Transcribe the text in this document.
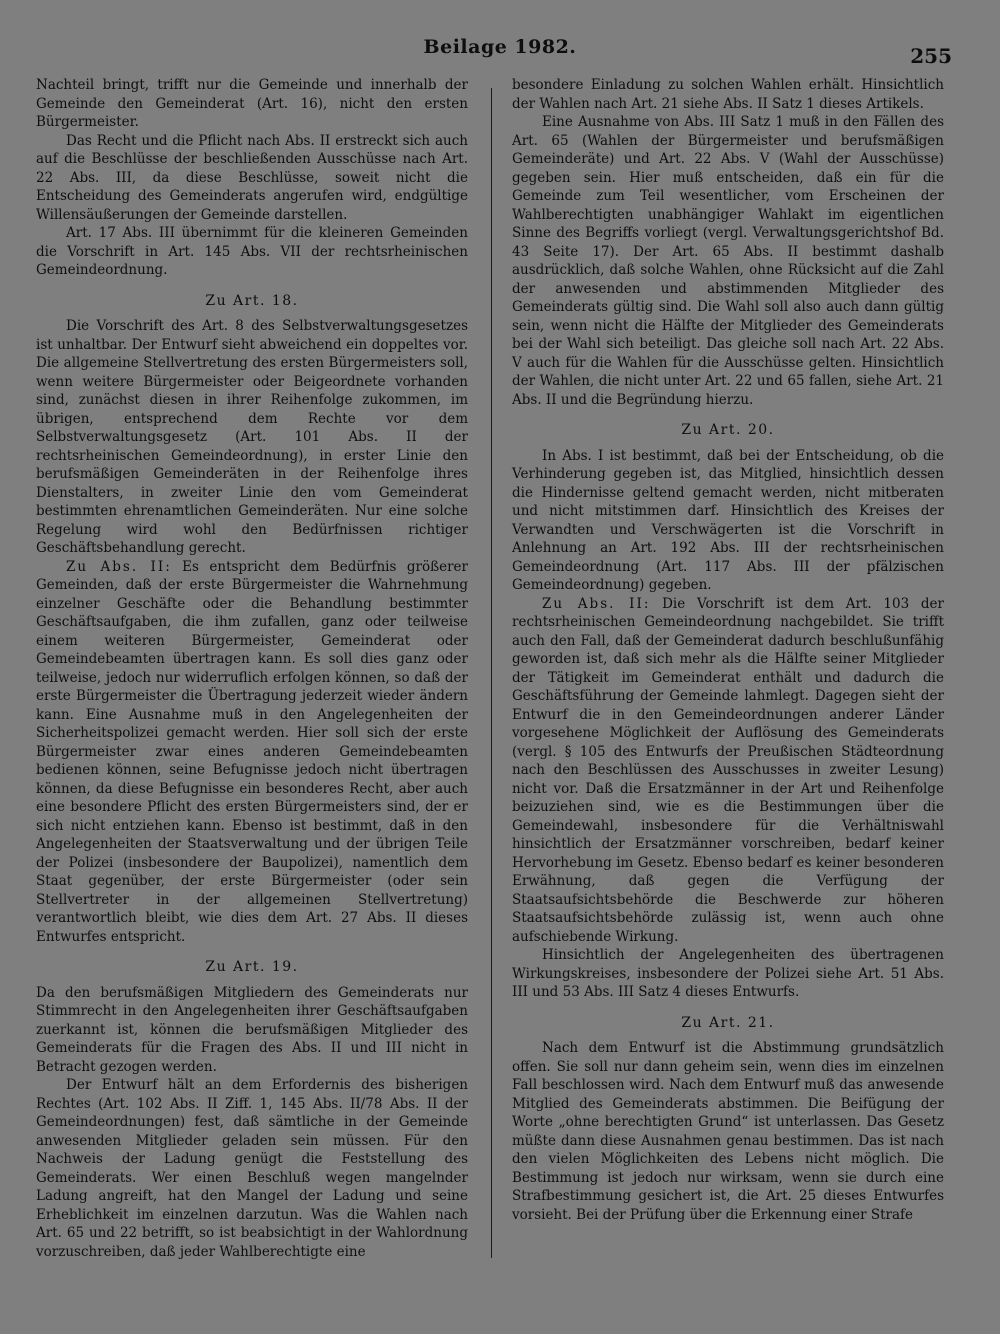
Beilage 1982.	255

Nachteil bringt, trifft nur die Gemeinde und innerhalb der Gemeinde den Gemeinderat (Art. 16), nicht den ersten Bürgermeister.

Das Recht und die Pflicht nach Abs. II erstreckt sich auch auf die Beschlüsse der beschließenden Ausschüsse nach Art. 22 Abs. III, da diese Beschlüsse, soweit nicht die Entscheidung des Gemeinderats angerufen wird, endgültige Willensäußerungen der Gemeinde darstellen.

Art. 17 Abs. III übernimmt für die kleineren Gemeinden die Vorschrift in Art. 145 Abs. VII der rechtsrheinischen Gemeindeordnung.

Zu Art. 18.

Die Vorschrift des Art. 8 des Selbstverwaltungsgesetzes ist unhaltbar. Der Entwurf sieht abweichend ein doppeltes vor. Die allgemeine Stellvertretung des ersten Bürgermeisters soll, wenn weitere Bürgermeister oder Beigeordnete vorhanden sind, zunächst diesen in ihrer Reihenfolge zukommen, im übrigen, entsprechend dem Rechte vor dem Selbstverwaltungsgesetz (Art. 101 Abs. II der rechtsrheinischen Gemeindeordnung), in erster Linie den berufsmäßigen Gemeinderäten in der Reihenfolge ihres Dienstalters, in zweiter Linie den vom Gemeinderat bestimmten ehrenamtlichen Gemeinderäten. Nur eine solche Regelung wird wohl den Bedürfnissen richtiger Geschäftsbehandlung gerecht.

Zu Abs. II: Es entspricht dem Bedürfnis größerer Gemeinden, daß der erste Bürgermeister die Wahrnehmung einzelner Geschäfte oder die Behandlung bestimmter Geschäftsaufgaben, die ihm zufallen, ganz oder teilweise einem weiteren Bürgermeister, Gemeinderat oder Gemeindebeamten übertragen kann. Es soll dies ganz oder teilweise, jedoch nur widerruflich erfolgen können, so daß der erste Bürgermeister die Übertragung jederzeit wieder ändern kann. Eine Ausnahme muß in den Angelegenheiten der Sicherheitspolizei gemacht werden. Hier soll sich der erste Bürgermeister zwar eines anderen Gemeindebeamten bedienen können, seine Befugnisse jedoch nicht übertragen können, da diese Befugnisse ein besonderes Recht, aber auch eine besondere Pflicht des ersten Bürgermeisters sind, der er sich nicht entziehen kann. Ebenso ist bestimmt, daß in den Angelegenheiten der Staatsverwaltung und der übrigen Teile der Polizei (insbesondere der Baupolizei), namentlich dem Staat gegenüber, der erste Bürgermeister (oder sein Stellvertreter in der allgemeinen Stellvertretung) verantwortlich bleibt, wie dies dem Art. 27 Abs. II dieses Entwurfes entspricht.

Zu Art. 19.

Da den berufsmäßigen Mitgliedern des Gemeinderats nur Stimmrecht in den Angelegenheiten ihrer Geschäftsaufgaben zuerkannt ist, können die berufsmäßigen Mitglieder des Gemeinderats für die Fragen des Abs. II und III nicht in Betracht gezogen werden.

Der Entwurf hält an dem Erfordernis des bisherigen Rechtes (Art. 102 Abs. II Ziff. 1, 145 Abs. II/78 Abs. II der Gemeindeordnungen) fest, daß sämtliche in der Gemeinde anwesenden Mitglieder geladen sein müssen. Für den Nachweis der Ladung genügt die Feststellung des Gemeinderats. Wer einen Beschluß wegen mangelnder Ladung angreift, hat den Mangel der Ladung und seine Erheblichkeit im einzelnen darzutun. Was die Wahlen nach Art. 65 und 22 betrifft, so ist beabsichtigt in der Wahlordnung vorzuschreiben, daß jeder Wahlberechtigte eine

besondere Einladung zu solchen Wahlen erhält. Hinsichtlich der Wahlen nach Art. 21 siehe Abs. II Satz 1 dieses Artikels.

Eine Ausnahme von Abs. III Satz 1 muß in den Fällen des Art. 65 (Wahlen der Bürgermeister und berufsmäßigen Gemeinderäte) und Art. 22 Abs. V (Wahl der Ausschüsse) gegeben sein. Hier muß entscheiden, daß ein für die Gemeinde zum Teil wesentlicher, vom Erscheinen der Wahlberechtigten unabhängiger Wahlakt im eigentlichen Sinne des Begriffs vorliegt (vergl. Verwaltungsgerichtshof Bd. 43 Seite 17). Der Art. 65 Abs. II bestimmt dashalb ausdrücklich, daß solche Wahlen, ohne Rücksicht auf die Zahl der anwesenden und abstimmenden Mitglieder des Gemeinderats gültig sind. Die Wahl soll also auch dann gültig sein, wenn nicht die Hälfte der Mitglieder des Gemeinderats bei der Wahl sich beteiligt. Das gleiche soll nach Art. 22 Abs. V auch für die Wahlen für die Ausschüsse gelten. Hinsichtlich der Wahlen, die nicht unter Art. 22 und 65 fallen, siehe Art. 21 Abs. II und die Begründung hierzu.

Zu Art. 20.

In Abs. I ist bestimmt, daß bei der Entscheidung, ob die Verhinderung gegeben ist, das Mitglied, hinsichtlich dessen die Hindernisse geltend gemacht werden, nicht mitberaten und nicht mitstimmen darf. Hinsichtlich des Kreises der Verwandten und Verschwägerten ist die Vorschrift in Anlehnung an Art. 192 Abs. III der rechtsrheinischen Gemeindeordnung (Art. 117 Abs. III der pfälzischen Gemeindeordnung) gegeben.

Zu Abs. II: Die Vorschrift ist dem Art. 103 der rechtsrheinischen Gemeindeordnung nachgebildet. Sie trifft auch den Fall, daß der Gemeinderat dadurch beschlußunfähig geworden ist, daß sich mehr als die Hälfte seiner Mitglieder der Tätigkeit im Gemeinderat enthält und dadurch die Geschäftsführung der Gemeinde lahmlegt. Dagegen sieht der Entwurf die in den Gemeindeordnungen anderer Länder vorgesehene Möglichkeit der Auflösung des Gemeinderats (vergl. § 105 des Entwurfs der Preußischen Städteordnung nach den Beschlüssen des Ausschusses in zweiter Lesung) nicht vor. Daß die Ersatzmänner in der Art und Reihenfolge beizuziehen sind, wie es die Bestimmungen über die Gemeindewahl, insbesondere für die Verhältniswahl hinsichtlich der Ersatzmänner vorschreiben, bedarf keiner Hervorhebung im Gesetz. Ebenso bedarf es keiner besonderen Erwähnung, daß gegen die Verfügung der Staatsaufsichtsbehörde die Beschwerde zur höheren Staatsaufsichtsbehörde zulässig ist, wenn auch ohne aufschiebende Wirkung.

Hinsichtlich der Angelegenheiten des übertragenen Wirkungskreises, insbesondere der Polizei siehe Art. 51 Abs. III und 53 Abs. III Satz 4 dieses Entwurfs.

Zu Art. 21.

Nach dem Entwurf ist die Abstimmung grundsätzlich offen. Sie soll nur dann geheim sein, wenn dies im einzelnen Fall beschlossen wird. Nach dem Entwurf muß das anwesende Mitglied des Gemeinderats abstimmen. Die Beifügung der Worte „ohne berechtigten Grund“ ist unterlassen. Das Gesetz müßte dann diese Ausnahmen genau bestimmen. Das ist nach den vielen Möglichkeiten des Lebens nicht möglich. Die Bestimmung ist jedoch nur wirksam, wenn sie durch eine Strafbestimmung gesichert ist, die Art. 25 dieses Entwurfes vorsieht. Bei der Prüfung über die Erkennung einer Strafe
